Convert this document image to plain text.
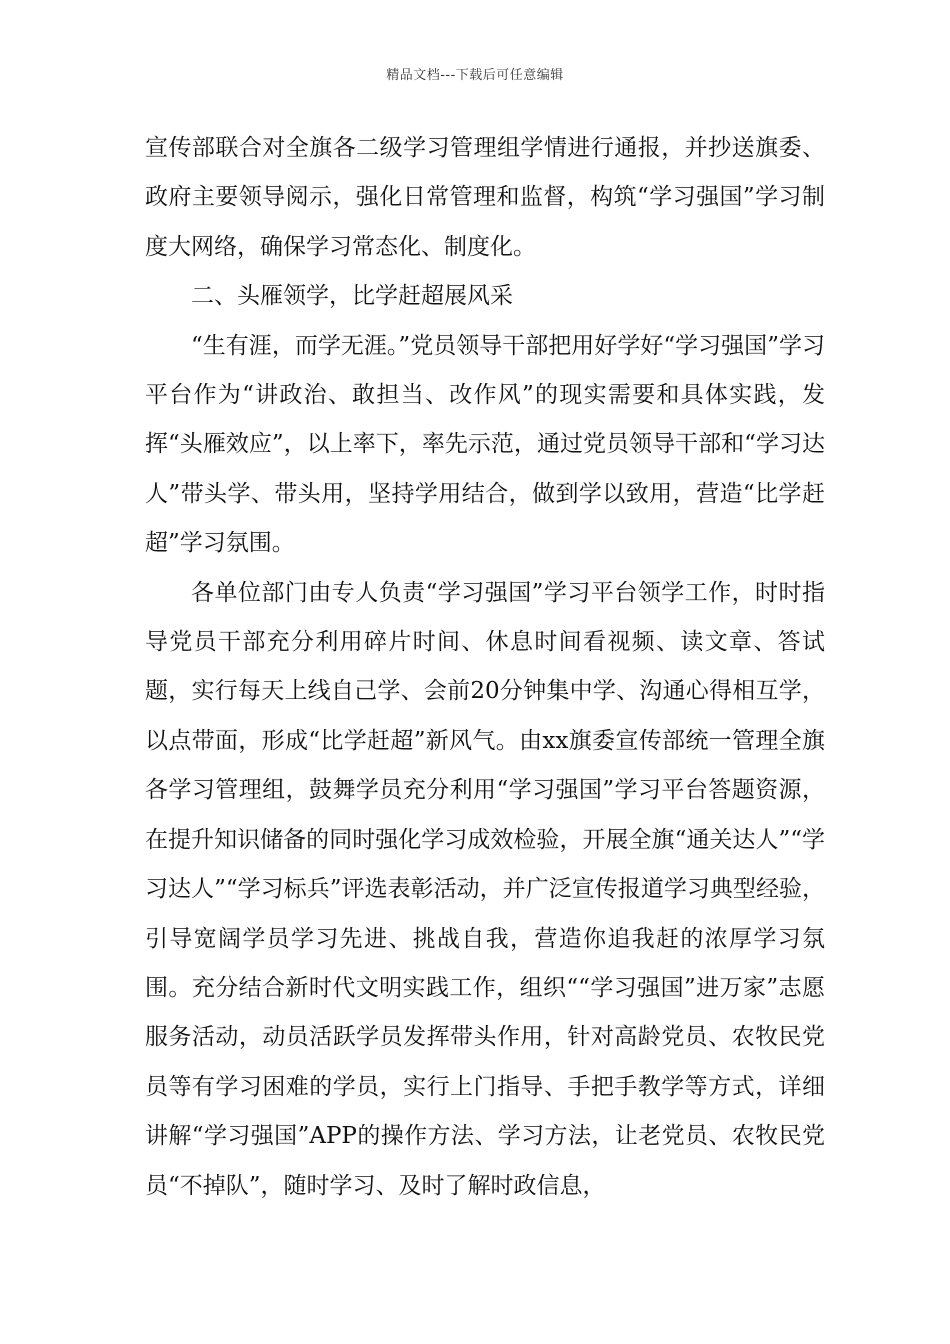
精品文档---下载后可任意编辑

宣传部联合对全旗各二级学习管理组学情进行通报，并抄送旗委、政府主要领导阅示，强化日常管理和监督，构筑“学习强国”学习制度大网络，确保学习常态化、制度化。

二、头雁领学，比学赶超展风采

“生有涯，而学无涯。”党员领导干部把用好学好“学习强国”学习平台作为“讲政治、敢担当、改作风”的现实需要和具体实践，发挥“头雁效应”，以上率下，率先示范，通过党员领导干部和“学习达人”带头学、带头用，坚持学用结合，做到学以致用，营造“比学赶超”学习氛围。

各单位部门由专人负责“学习强国”学习平台领学工作，时时指导党员干部充分利用碎片时间、休息时间看视频、读文章、答试题，实行每天上线自己学、会前20分钟集中学、沟通心得相互学，以点带面，形成“比学赶超”新风气。由xx旗委宣传部统一管理全旗各学习管理组，鼓舞学员充分利用“学习强国”学习平台答题资源，在提升知识储备的同时强化学习成效检验，开展全旗“通关达人”“学习达人”“学习标兵”评选表彰活动，并广泛宣传报道学习典型经验，引导宽阔学员学习先进、挑战自我，营造你追我赶的浓厚学习氛围。充分结合新时代文明实践工作，组织““学习强国”进万家”志愿服务活动，动员活跃学员发挥带头作用，针对高龄党员、农牧民党员等有学习困难的学员，实行上门指导、手把手教学等方式，详细讲解“学习强国”APP的操作方法、学习方法，让老党员、农牧民党员“不掉队”，随时学习、及时了解时政信息，
